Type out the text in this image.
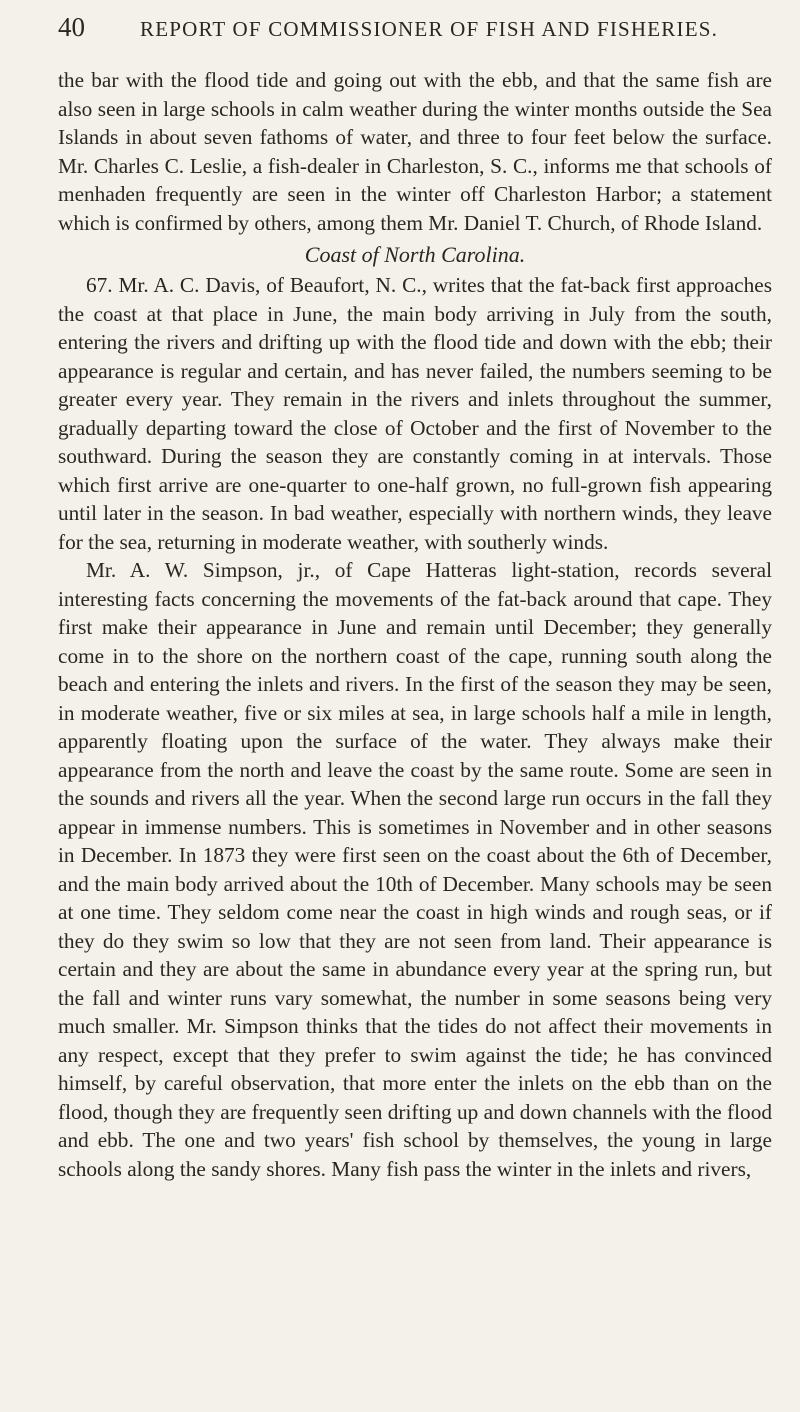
40	REPORT OF COMMISSIONER OF FISH AND FISHERIES.

the bar with the flood tide and going out with the ebb, and that the same fish are also seen in large schools in calm weather during the winter months outside the Sea Islands in about seven fathoms of water, and three to four feet below the surface. Mr. Charles C. Leslie, a fish-dealer in Charleston, S. C., informs me that schools of menhaden frequently are seen in the winter off Charleston Harbor; a statement which is confirmed by others, among them Mr. Daniel T. Church, of Rhode Island.

Coast of North Carolina.

67. Mr. A. C. Davis, of Beaufort, N. C., writes that the fat-back first approaches the coast at that place in June, the main body arriving in July from the south, entering the rivers and drifting up with the flood tide and down with the ebb; their appearance is regular and certain, and has never failed, the numbers seeming to be greater every year. They remain in the rivers and inlets throughout the summer, gradually departing toward the close of October and the first of November to the southward. During the season they are constantly coming in at intervals. Those which first arrive are one-quarter to one-half grown, no full-grown fish appearing until later in the season. In bad weather, especially with northern winds, they leave for the sea, returning in moderate weather, with southerly winds.

Mr. A. W. Simpson, jr., of Cape Hatteras light-station, records several interesting facts concerning the movements of the fat-back around that cape. They first make their appearance in June and remain until December; they generally come in to the shore on the northern coast of the cape, running south along the beach and entering the inlets and rivers. In the first of the season they may be seen, in moderate weather, five or six miles at sea, in large schools half a mile in length, apparently floating upon the surface of the water. They always make their appearance from the north and leave the coast by the same route. Some are seen in the sounds and rivers all the year. When the second large run occurs in the fall they appear in immense numbers. This is sometimes in November and in other seasons in December. In 1873 they were first seen on the coast about the 6th of December, and the main body arrived about the 10th of December. Many schools may be seen at one time. They seldom come near the coast in high winds and rough seas, or if they do they swim so low that they are not seen from land. Their appearance is certain and they are about the same in abundance every year at the spring run, but the fall and winter runs vary somewhat, the number in some seasons being very much smaller. Mr. Simpson thinks that the tides do not affect their movements in any respect, except that they prefer to swim against the tide; he has convinced himself, by careful observation, that more enter the inlets on the ebb than on the flood, though they are frequently seen drifting up and down channels with the flood and ebb. The one and two years' fish school by themselves, the young in large schools along the sandy shores. Many fish pass the winter in the inlets and rivers,
